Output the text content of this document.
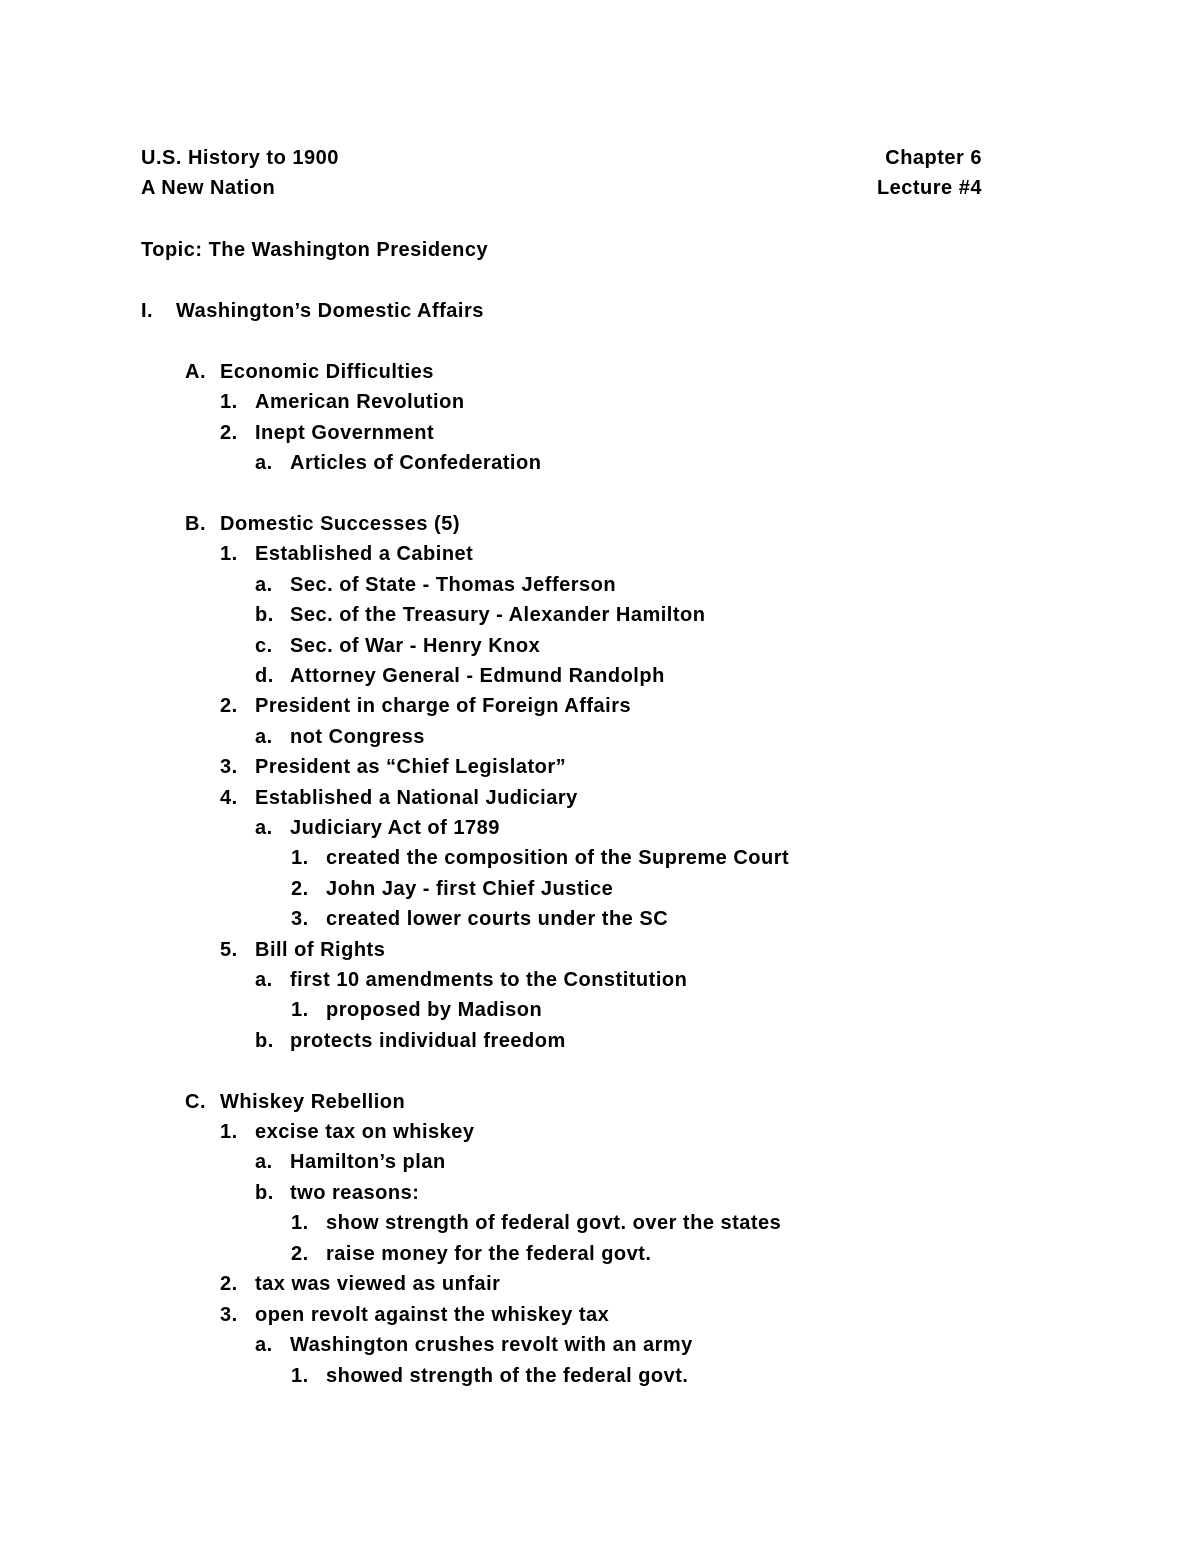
U.S. History to 1900
A New Nation
Chapter 6
Lecture #4
Topic: The Washington Presidency
I. Washington’s Domestic Affairs
A. Economic Difficulties
1. American Revolution
2. Inept Government
a. Articles of Confederation
B. Domestic Successes (5)
1. Established a Cabinet
a. Sec. of State - Thomas Jefferson
b. Sec. of the Treasury - Alexander Hamilton
c. Sec. of War - Henry Knox
d. Attorney General - Edmund Randolph
2. President in charge of Foreign Affairs
a. not Congress
3. President as “Chief Legislator”
4. Established a National Judiciary
a. Judiciary Act of 1789
1. created the composition of the Supreme Court
2. John Jay - first Chief Justice
3. created lower courts under the SC
5. Bill of Rights
a. first 10 amendments to the Constitution
1. proposed by Madison
b. protects individual freedom
C. Whiskey Rebellion
1. excise tax on whiskey
a. Hamilton’s plan
b. two reasons:
1. show strength of federal govt. over the states
2. raise money for the federal govt.
2. tax was viewed as unfair
3. open revolt against the whiskey tax
a. Washington crushes revolt with an army
1. showed strength of the federal govt.
